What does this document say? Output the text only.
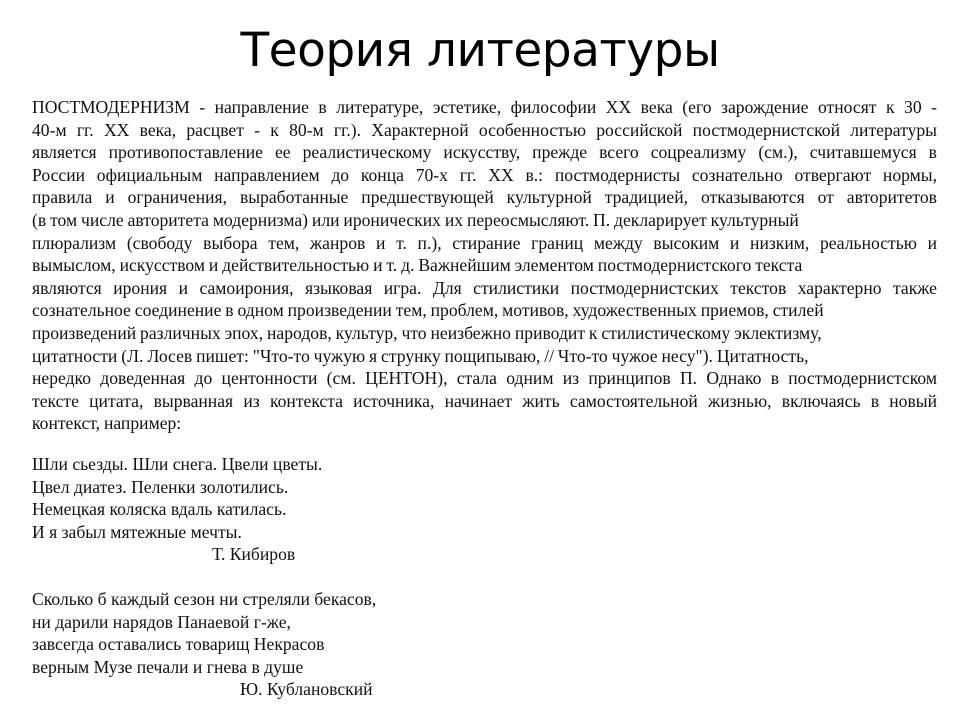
Теория литературы
ПОСТМОДЕРНИЗМ - направление в литературе, эстетике, философии XX века (его зарождение относят к 30 -
40-м гг. XX века, расцвет - к 80-м гг.). Характерной особенностью российской постмодернистской литературы
является противопоставление ее реалистическому искусству, прежде всего соцреализму (см.), считавшемуся в
России официальным направлением до конца 70-х гг. XX в.: постмодернисты сознательно отвергают нормы,
правила и ограничения, выработанные предшествующей культурной традицией, отказываются от авторитетов
(в том числе авторитета модернизма) или иронических их переосмысляют. П. декларирует культурный
плюрализм (свободу выбора тем, жанров и т. п.), стирание границ между высоким и низким, реальностью и
вымыслом, искусством и действительностью и т. д. Важнейшим элементом постмодернистского текста
являются ирония и самоирония, языковая игра. Для стилистики постмодернистских текстов характерно также
сознательное соединение в одном произведении тем, проблем, мотивов, художественных приемов, стилей
произведений различных эпох, народов, культур, что неизбежно приводит к стилистическому эклектизму,
цитатности (Л. Лосев пишет: "Что-то чужую я струнку пощипываю, // Что-то чужое несу"). Цитатность,
нередко доведенная до центонности (см. ЦЕНТОН), стала одним из принципов П. Однако в постмодернистском
тексте цитата, вырванная из контекста источника, начинает жить самостоятельной жизнью, включаясь в новый
контекст, например:
Шли сьезды. Шли снега. Цвели цветы.
Цвел диатез. Пеленки золотились.
Немецкая коляска вдаль катилась.
И я забыл мятежные мечты.
Т. Кибиров
Сколько б каждый сезон ни стреляли бекасов,
ни дарили нарядов Панаевой г-же,
завсегда оставались товарищ Некрасов
верным Музе печали и гнева в душе
Ю. Кублановский
